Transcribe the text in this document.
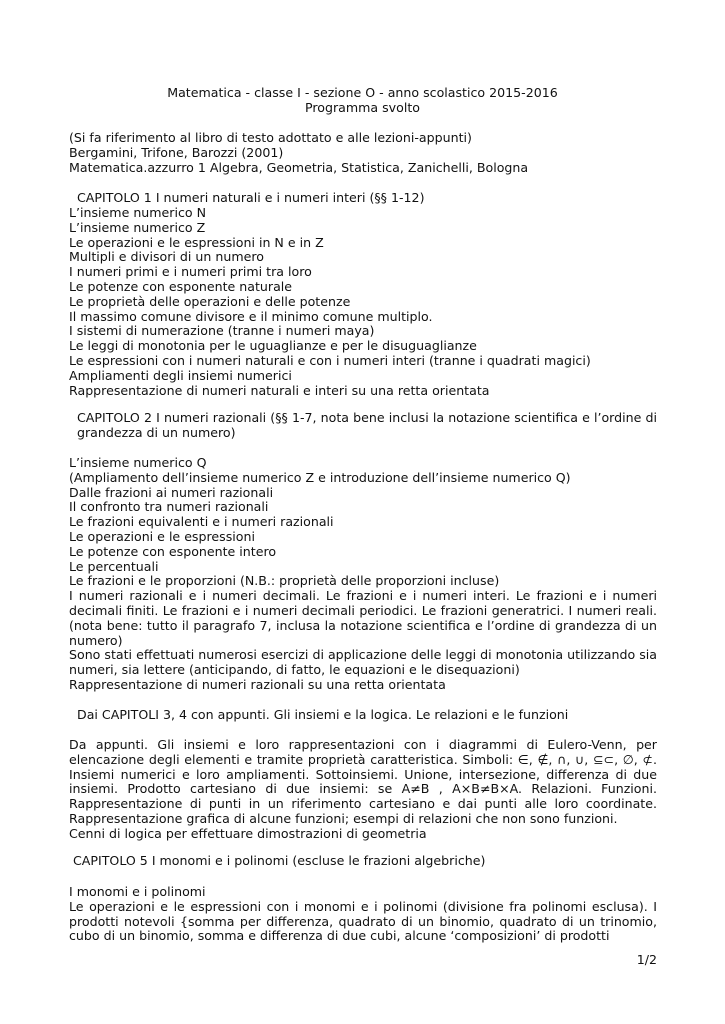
Matematica - classe I - sezione O - anno scolastico 2015-2016
Programma svolto
(Si fa riferimento al libro di testo adottato e alle lezioni-appunti)
Bergamini, Trifone, Barozzi (2001)
Matematica.azzurro 1 Algebra, Geometria, Statistica, Zanichelli, Bologna
CAPITOLO 1 I numeri naturali e i numeri interi (§§ 1-12)
L’insieme numerico N
L’insieme numerico Z
Le operazioni e le espressioni in N e in Z
Multipli e divisori di un numero
I numeri primi e i numeri primi tra loro
Le potenze con esponente naturale
Le proprietà delle operazioni e delle potenze
Il massimo comune divisore e il minimo comune multiplo.
I sistemi di numerazione (tranne i numeri maya)
Le leggi di monotonia per le uguaglianze e per le disuguaglianze
Le espressioni con i numeri naturali e con i numeri interi (tranne i quadrati magici)
Ampliamenti degli insiemi numerici
Rappresentazione di numeri naturali e interi su una retta orientata
CAPITOLO 2 I numeri razionali (§§ 1-7, nota bene inclusi la notazione scientifica e l’ordine di grandezza di un numero)
L’insieme numerico Q
(Ampliamento dell’insieme numerico Z e introduzione dell’insieme numerico Q)
Dalle frazioni ai numeri razionali
Il confronto tra numeri razionali
Le frazioni equivalenti e i numeri razionali
Le operazioni e le espressioni
Le potenze con esponente intero
Le percentuali
Le frazioni e le proporzioni (N.B.: proprietà delle proporzioni incluse)
I numeri razionali e i numeri decimali. Le frazioni e i numeri interi. Le frazioni e i numeri decimali finiti. Le frazioni e i numeri decimali periodici. Le frazioni generatrici. I numeri reali. (nota bene: tutto il paragrafo 7, inclusa la notazione scientifica e l’ordine di grandezza di un numero)
Sono stati effettuati numerosi esercizi di applicazione delle leggi di monotonia utilizzando sia numeri, sia lettere (anticipando, di fatto, le equazioni e le disequazioni)
Rappresentazione di numeri razionali su una retta orientata
Dai CAPITOLI 3, 4 con appunti. Gli insiemi e la logica. Le relazioni e le funzioni
Da appunti. Gli insiemi e loro rappresentazioni con i diagrammi di Eulero-Venn, per elencazione degli elementi e tramite proprietà caratteristica. Simboli: ∈, ∉, ∩, ∪, ⊆⊂, ∅, ⊄. Insiemi numerici e loro ampliamenti. Sottoinsiemi. Unione, intersezione, differenza di due insiemi. Prodotto cartesiano di due insiemi: se A≠B , A×B≠B×A. Relazioni. Funzioni. Rappresentazione di punti in un riferimento cartesiano e dai punti alle loro coordinate. Rappresentazione grafica di alcune funzioni; esempi di relazioni che non sono funzioni.
Cenni di logica per effettuare dimostrazioni di geometria
CAPITOLO 5 I monomi e i polinomi (escluse le frazioni algebriche)
I monomi e i polinomi
Le operazioni e le espressioni con i monomi e i polinomi (divisione fra polinomi esclusa). I prodotti notevoli {somma per differenza, quadrato di un binomio, quadrato di un trinomio, cubo di un binomio, somma e differenza di due cubi, alcune ‘composizioni’ di prodotti
1/2
